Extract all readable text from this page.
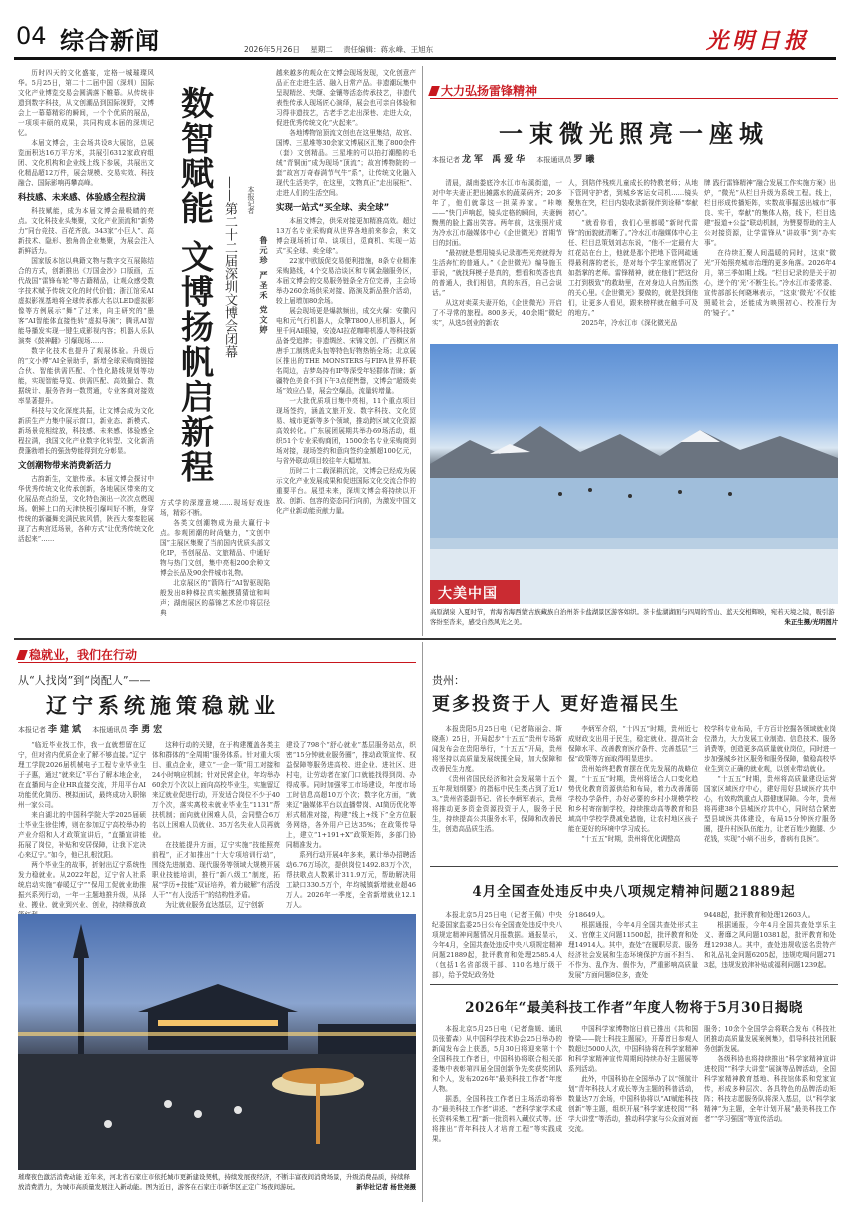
04 综合新闻	2026年5月26日 星期二 责任编辑：蒋永峰、王旭东	光明日报

历时四天的文化盛宴，定格一城璀璨风华。5月25日，第二十二届中国（深圳）国际文化产业博览交易会圆满落下帷幕。从传统非遗到数字科技，从文创潮品到国际视野，文博会上一幕幕精彩的瞬间，一个个优质的展品，一项项丰硕的成果，共同构成本届的深圳记忆。

本届文博会，主会场共设8大展馆，总展览面积达16万平方米，共展引6312家政府组团、文化机构和企业线上线下参展，共展出文化精品超12万件，展会规模、交易实效、科技融合、国际影响再攀高峰。

科技感、未来感、体验感全程拉满

科技赋能，成为本届文博会最吸睛的亮点。文化科技业头集聚，文化产业顶流和“新势力”同台竞技、百花齐放。343家“小巨人”、高新技术、隐形、独角兽企业集聚，为展会注入新鲜活力。

国家版本馆以典籍文物与数字交互展陈结合的方式，创新推出《万国金沙》口版画，五代战国“雷锋布轮”等古籍精品，让观众感受数字技术赋予传统文化的时代价值；浙江馆采AI虚拟影视基地将全球传承都大名以LED虚拟影像等方例展示“舞”了过来，向主研究的“墨客”AI智能体直接性转“虚拟导演”；腾讯AI智能导播发实现一键生成影视内容；机器人乐队演奏《鼓神翻》引爆现场……

数字化技术也提升了观展体验。升级后的“文小博”AI全景助手，新增全球采购商链接合伙、智能供需匹配、个性化路线规划等功能，实现智能导览、供需匹配、高效撮合、数据统计、服务咨询一数贯通，专业客商对接效率显著提升。

科技与文化深度共振，让文博会成为文化新质生产力集中展示窗口，新业态、新模式、新场景竞相绽放，科技感、未来感、体验感全程拉满，我国文化产业数字化转型、文化新消费蓬勃增长的强劲势能得到充分彰显。

文创潮物带来消费新活力

古韵新生，文旅传承。本届文博会探讨中华优秀传统文化传承创新，各地展区带来的文化展品亮点纷呈，文化特色演出一次次点燃现场。朝鲜上口的天津快板引爆叫好不断，身穿传统的新疆舞充满民族风情，陕西大秦秦腔展现了古典宫廷场景，各种方式“让优秀传统文化活起来”……

数智赋能 文博扬帆启新程 ——第二十二届深圳文博会闭幕 本报记者
鲁元珍 严圣禾 党文婷

方式学的深邃意境……现场好戏连场，精彩不断。

各类文创潮物成为最大赢行卡点。参观团潮的时尚魅力，“文创中国”主展区集聚了当前国内优质头部文化IP，书创展品、文旅精品、中通好物与热门文创，集中亮相200余种文博会长品及90余件城市礼物。

北京展区的“箭阵行”AI智驱现陷般发出8种梯拉真实触摸猜猜谊和叫声；湖南展区的慕锦艺术丝巾将层径典

越来越多的观众在文博会现场发现，文化创意产品正在走进生活、融入日常产品。非遗潮玩集中呈现精丝、夹缬、金镶等活态传承技艺，非遗代表性传承人现场匠心演绎，展会也可亲自体验和习得非遗技艺，古老手艺走出深巷、走进大众，促进优秀传统文化“火起来”。

各地博物馆顶流文创也在这里集结，故宫、国博、三星堆等30余家文博展区汇集了800余件（套）文创精品。三星堆的可以拍打潮酷的毛绒“青铜面”成为现场“顶流”；故宫博物院的一套“故宫万奇春满节气牛”系”，让传统文化融入现代生活美学，在这里，文物真正“走出展柜”、走进人们的生活空间。

实现一站式“买全球、卖全球”

本届文博会，供采对接更加精准高效。超过13万名专业采购商从世界各地前来参会，来文博会现场析订单、谈项目，觅商机、实现一站式“买全球、卖全球”。

22家中欧版促交易便利措施，8条专业精准采购路线，4个交易洽谈区和专属金融服务区，本届文博会的交易服务链条全方位完善，主会场举办260余场供采对接、路演及新品推介活动，较上届增加80余场。

展会现场更是爆款频出，成交火爆：安徽闪电和元气行机器人，众擎T800人形机器人，阿里千问AI眼镜，安凌AI拉花咖啡机器人等科技新品备受追捧；非遗绸丝、宋锦文创、广西横区帛唐手工制绣虎头包等特色好物热销全场；北京展区推出的THE MONSTERS与FIFA世界杯联名周边，吉梦岛持有IP等深受年轻群体青睐；新疆特色美食不到下午3点便售罄，文博会“超级卖场”效应凸显，展会空爆品，流量转增量。

一大批优质项目集中亮相，11个重点项目现场签约，涵盖文旅开发、数字科技、文化贸易、城市更新等多个领域，推动跨区域文化资源高效转化。广东展团展期共举办69场活动，组织51个专业采购商团，1500余名专业采购商到场对接，现场签约和意向签约金额超100亿元，与省外联动项目较往年大幅增加。

历时二十二载深耕沉淀，文博会已经成为展示文化产业发展成果和促进国际文化交流合作的重要平台。展望未来，深圳文博会将持续以开放、创新、包容的姿态同行向前，为激发中国文化产业新动能贡献力量。

大力弘扬雷锋精神
一束微光照亮一座城
本报记者 龙军 禹爱华 本报通讯员 罗曦

清晨，湖南娄底冷水江市布溪街道，一对中年夫妻正把出摊露水的蔬菜码齐；20多年了，他们就靠这一担菜养家。“咔嚓——”快门声响起，镜头定格的瞬间，夫妻俩黝黑的脸上露出笑容。两年前，这张照片成为冷水江市融媒体中心《企世微光》首期节目的封面。

“最初就是想用镜头记录那些光亮就得为生活奔忙的普通人。”《企世微光》编导施玉菲说，“就找拜模子是真的，想看和英香也真的普通人，我们相信，真的东西，自己会说话。”

从这对卖菜夫妻开始，《企世微光》开启了不寻常的旅程。800多天，40余期“微纪实”，从选5创业的新农

人，到陪伴残疾儿童成长的特教老师；从地下管网守护者，到城乡客运女司机……镜头聚焦在突，栏目内装收录新视伴到诠释“奉献初心”。

“就看你看，我们心里都暖”新时代雷锋”的面貌就清晰了。”冷水江市融媒体中心主任、栏目总策划刘志东说，“他不一定最有大红花站在台上，他就是那个把地下管网疏通得最利落的老长，是对每个学生家庭情况了如指掌的老师。雷锋精神，就在他们”把这份工打到极致”的救助里，在对身边人自然而然的关心里。《企世微光》要做的，就是找到他们，让更多人看见，跟来榜样就在触手可及的地方。”

2025年，冷水江市《深化微光品

牌 践行雷锋精神”融合发展工作实施方案》出炉，“微光”从栏目升级为系统工程。线上，栏目形成传播矩阵，实数故事掘送出城市”事良、实干，奉献”的集体人格，线下，栏目选建“报道+公益”联动机制，为赞要帮助的主人公对接资源，让学雷锋从“讲故事”到“办实事”。

在待续汇聚人间温暖的同时，这束“微光”开始照亮城市治理的更多角落。2026年4月，第三季如期上线。“栏目记录的是关于初心，逆个的‘光’不断生长。”冷水江市委常委、宣传部部长何晓琳表示，“这束‘微光’不仅能照暖社会，还能成为映照初心、校准行为的‘镜子’。”

大美中国
高原湖泉 入夏时节，青海省海西蒙古族藏族自治州茶卡盐湖景区游客如织。茶卡盐湖湖面与四周的雪山、蓝天交相辉映，宛若天境之镜，吸引游客纷至沓来，感受自然风光之美。	朱正生摄/光明图片
稳就业，我们在行动
从“人找岗”到“岗配人”——
辽宁系统施策稳就业
本报记者 李建斌 本报通讯员 李勇宏

“临近毕业找工作，我一直就想留在辽宁，但对省内优质企业了解不够直接。”辽宁理工学院2026届机械电子工程专业毕业生于子惠，通过“就来辽”平台了解本地企业，在直播间与企业HR直接交流，并用平台AI功能优化简历、模拟面试，最终成功入职锦州一家公司。

来自湖北的中国科学院大学2025届硕士毕业生徐佳博，则在参加辽宁高校举办的产业介绍和人才政策宣讲后，“直播宣讲能拓展了岗位，补贴和安居保障，让我下定决心来辽宁。”如今，他已扎根沈阳。

两个毕业生的故事，折射出辽宁系统性发力稳就业。从2022年起，辽宁省人社系统启动实施“春暖辽宁”“保用工促就业助推振兴系列行动，一年一主题地推升级，从择业、搬业、就业到兴业、创业，持续释放政

这种行动的关键，在于构建覆盖各类主体和群体的“全周期”服务体系。针对重大项目、重点企业，建立“一企一策”用工对接和24小时响应机制；针对民营企业，年均举办60余万个次以上面向高校毕业生，实施留辽来辽就业促进行动，开发适合岗位不少于40万个次，落实离校未就业毕业生“1131”帮扶机制；面向就业困难人员，会同整合6万名以上困难人员就业、35万名失业人员再就业。

在技能提升方面，辽宁实施“技能照亮前程”，正才如推出“十大专项培训行动”，围绕先进制造、现代服务等领域大规模开展职业技能培训，推行“新八级工”制度，拓展“学历+技能”双证培养，着力破解“有活没人干”“有人没活干”的结构性矛盾。

为让就业服务直达基层，辽宁创新

建设了798个“舒心就业”基层服务站点，织密“15分钟就业服务圈”，推动政策宣传、权益保障等服务进高校、进企业、进社区、进村屯，让劳动者在家门口就能找得到岗、办得成事。同时加强零工市场建设，年度市场工时信息高超10万个次；数字化方面，“就来辽”融媒体平台以直播带岗、AI简历优化等形式精准对接，构建“线上+线下”全方位服务网络，各外用户已达35%；在政策传导上，建立“1+191+X”政策矩阵，多部门协同精准发力。

系列行动开展4年多来，累计举办招聘活动6.76万场次，提供岗位1492.83万个次，帮扶歌点人数累计311.9万元，帮助解决用工缺口330.5万个，年均城镇新增就业超46万人。2026年一季度，全省新增就业12.1万人。

璀璨夜色激活消费动能 近年来，河北省石家庄市依托城市更新建设契机，持续发展夜经济，不断丰富夜间消费场景，升级消费品质，持续释放消费潜力，为城市高质量发展注入新动能。图为近日，游客在石家庄市新华区正定广场夜间游玩。	新华社记者 杨世尧摄
贵州：
更多投资于人 更好造福民生

本报贵阳5月25日电（记者陈丽会、斯晓燕）25日，开局起步“十五五”贵州专场新闻发布会在贵阳举行，“十五五”开局，贵州将坚持以高质量发展统揽全局，加大保障和改善民生力度。

《贵州省国民经济和社会发展第十五个五年规划纲要》的指标中民生类占到了近1/3。”贵州省委副书记、省长李炳军表示，贵州将推动更多资金资源投资于人，服务于民生，持续提高公共服务水平，保障和改善民生，创造高品质生活。

李炳军介绍，“十四五”时期，贵州近七成财政支出用于民生，稳定就业、提高社会保障水平、改善教育医疗条件、完善基层“三保”政策等方面取得明显进步。

贵州始终把教育摆在优先发展的战略位置，“十五五”时期，贵州将适合人口变化趋势优化教育资源供给和布局，着力改善薄弱学校办学条件，办好必要的乡村小规模学校和乡村寄宿制学校，持续推动高等教育和县域高中学校学费减免措施，让农村地区孩子能在更好的环境中学习成长。

“十五五”时期，贵州将优化调整高

校学科专业布局，千方百计挖掘各领域就业岗位潜力，大力发展工业制造、信息技术、服务消费等，创造更多高质量就业岗位，同时进一步加强城乡社区服务和服务保障，做稳高校毕业生到立正确的就业观，以创业带动就业。

“十五五”时期，贵州将高质量建设运营国家区域医疗中心，建好用好县域医疗共中心，有效构筑重点人群健康屏障。今年，贵州将再建38个县城医疗共中心，同时结合紧密型县域医共体建设，布局15分钟医疗服务圈，提升村医队伍能力，让老百姓少跑腿、少花钱，实现“小病不出乡，普病有良医”。

4月全国查处违反中央八项规定精神问题21889起

本报北京5月25日电（记者王佩）中央纪委国家监委25日公布全国查处违反中央八项规定精神问题情况月报数据。通报显示，今年4月，全国共查处违反中央八项规定精神问题21889起，批评教育和处理2585.4人（包括1名省部级干部、110名地厅级干部），给予党纪政务处

分18649人。

根据通报，今年4月全国共查处形式主义、官僚主义问题11500起，批评教育和处理14914人。其中，查处“在履职尽责、服务经济社会发展和生态环境保护方面不担当、不作为、乱作为、假作为，严重影响高质量发展”方面问题8位多，查处

9448起，批评教育和处理12603人。

根据通报，今年4月全国共查处享乐主义、奢靡之风问题10381起，批评教育和处理12938人。其中，查处违规收送名贵特产和礼品礼金问题6205起，违规吃喝问题2713起，违规发放津补贴或福利问题1239起。

2026年“最美科技工作者”年度人物将于5月30日揭晓

本报北京5月25日电（记者詹媛、通讯员张蕾森）从中国科学技术协会25日举办的新闻发布会上获悉，5月30日将迎来第十个全国科技工作者日，中国科协将联合相关部委集中表彰第四届全国创新争先奖获奖团队和个人，发布2026年“最美科技工作者”年度人物。

据悉，全国科技工作者日主场活动将举办“最美科技工作者”讲述、“老科学家学术成长资料采集工程”新一批资料入藏仪式等。还将推出“青年科技人才培育工程”等实践成果。

中国科学家博物馆日前已推出《共和国脊梁——院士科技主题展》，开幕首日参观人数超过5000人次，中国科协将在科学家精神和科学家精神宣传周期间持续办好主题展等系列活动。

此外，中国科协在全国举办了以“领航计划”青年科技人才成长等为主题的科普活动，数量达7万余场，中国科协将以“AI赋能科技创新”等主题，组织开展“科学家进校园”“科学大讲堂”等活动，推动科学家与公众面对面交流。

服务；10余个全国学会将联合发布《科技社团推动高质量发展案例集》，倡导科技社团服务创新发展。

各级科协也将持续推出“科学家精神宣讲进校园”“科学大讲堂”展演等品牌活动，全国科学家精神教育基地、科技馆体系和党家宣传，形成多种层次、各具特色的品牌活动矩阵；科技志愿服务队将深入基层，以“科学家精神”为主题，全年计划开展“最美科技工作者”“学习强国”等宣传活动。
